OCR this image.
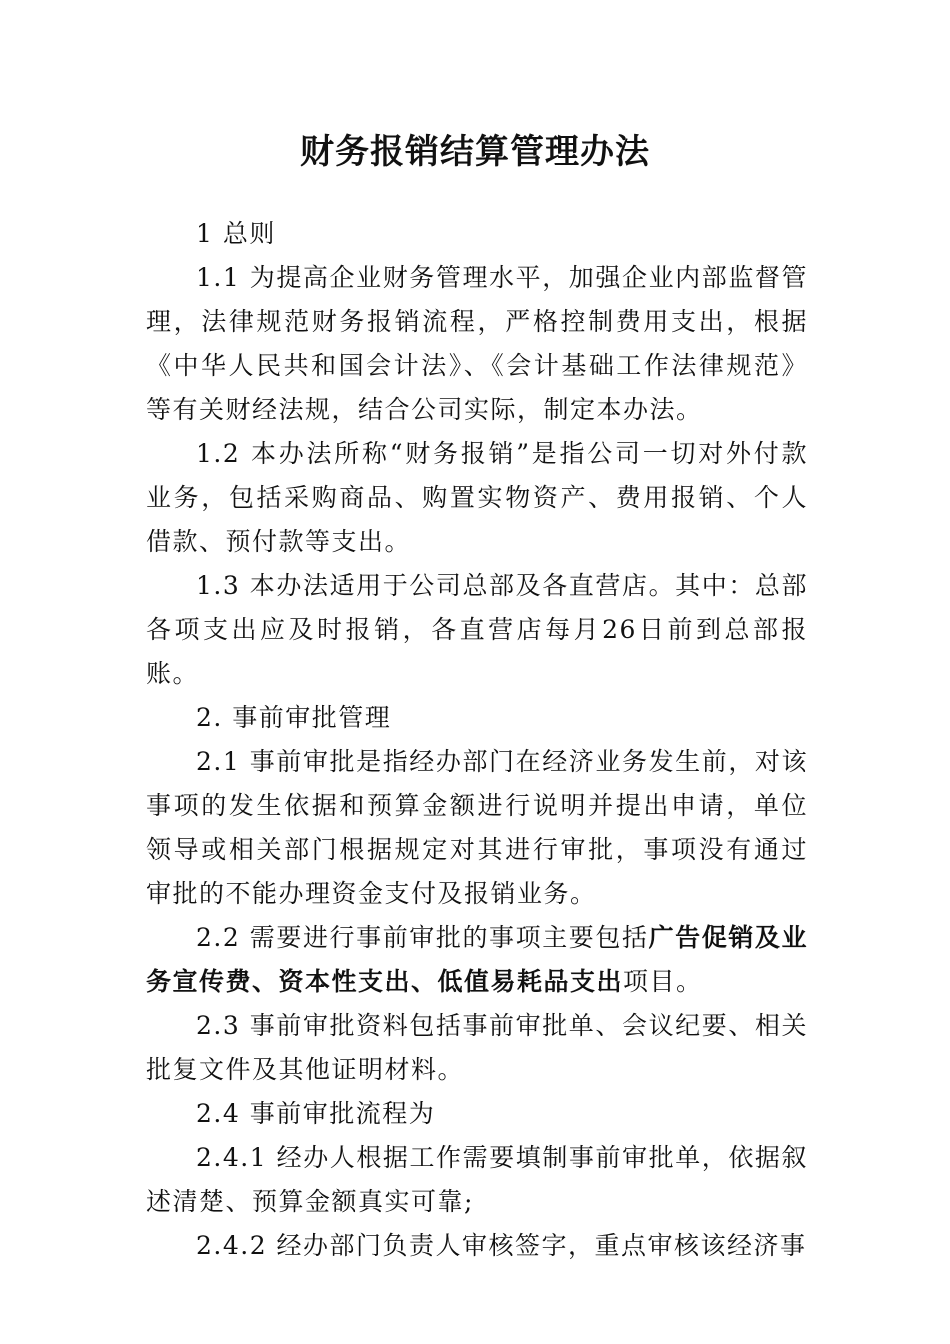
财务报销结算管理办法

1 总则

1.1 为提高企业财务管理水平，加强企业内部监督管理，法律规范财务报销流程，严格控制费用支出，根据《中华人民共和国会计法》、《会计基础工作法律规范》等有关财经法规，结合公司实际，制定本办法。

1.2 本办法所称“财务报销”是指公司一切对外付款业务，包括采购商品、购置实物资产、费用报销、个人借款、预付款等支出。

1.3 本办法适用于公司总部及各直营店。其中：总部各项支出应及时报销，各直营店每月26日前到总部报账。

2. 事前审批管理

2.1 事前审批是指经办部门在经济业务发生前，对该事项的发生依据和预算金额进行说明并提出申请，单位领导或相关部门根据规定对其进行审批，事项没有通过审批的不能办理资金支付及报销业务。

2.2 需要进行事前审批的事项主要包括广告促销及业务宣传费、资本性支出、低值易耗品支出项目。

2.3 事前审批资料包括事前审批单、会议纪要、相关批复文件及其他证明材料。

2.4 事前审批流程为

2.4.1 经办人根据工作需要填制事前审批单，依据叙述清楚、预算金额真实可靠;

2.4.2 经办部门负责人审核签字，重点审核该经济事
